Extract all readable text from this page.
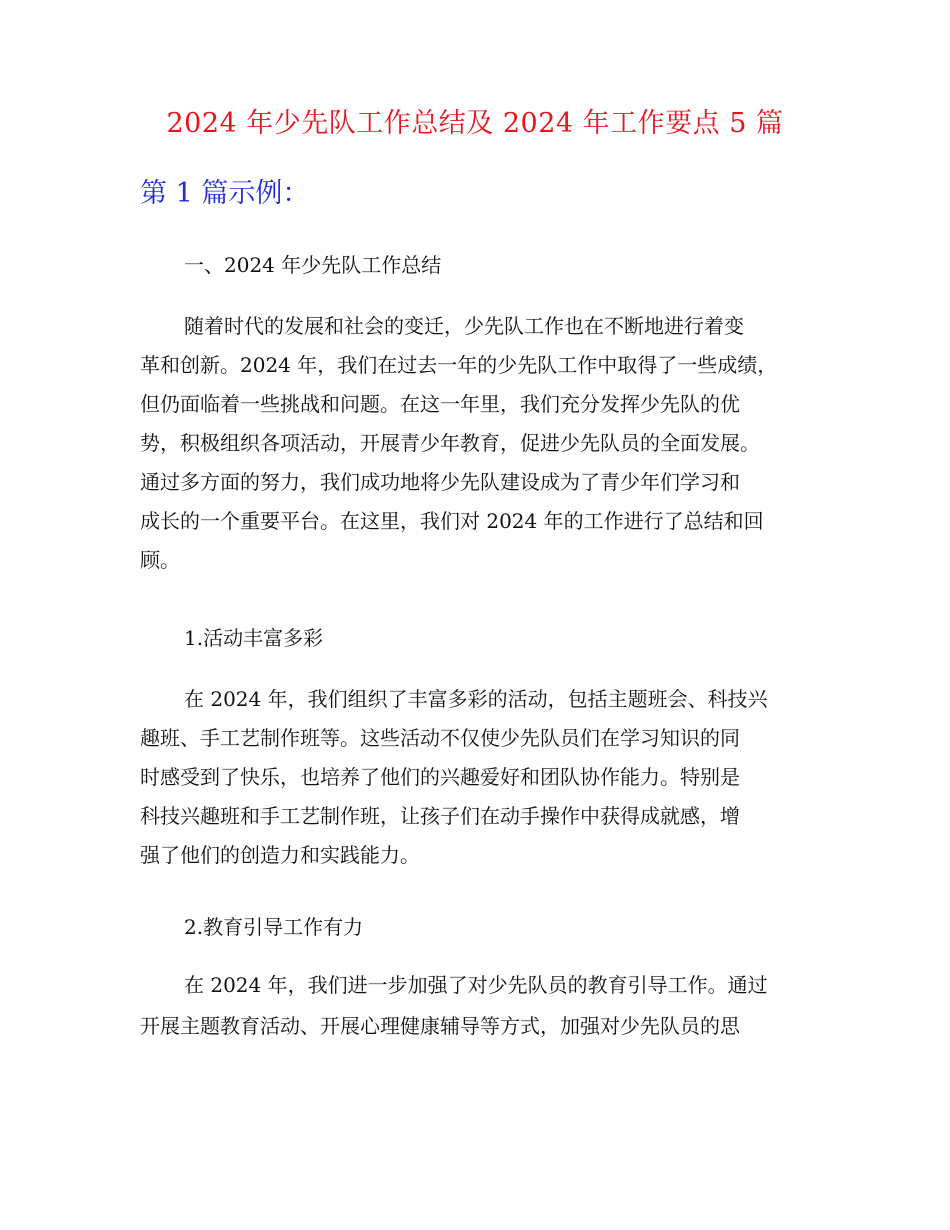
2024 年少先队工作总结及 2024 年工作要点 5 篇
第 1 篇示例：
一、2024 年少先队工作总结
随着时代的发展和社会的变迁，少先队工作也在不断地进行着变
革和创新。2024 年，我们在过去一年的少先队工作中取得了一些成绩，
但仍面临着一些挑战和问题。在这一年里，我们充分发挥少先队的优
势，积极组织各项活动，开展青少年教育，促进少先队员的全面发展。
通过多方面的努力，我们成功地将少先队建设成为了青少年们学习和
成长的一个重要平台。在这里，我们对 2024 年的工作进行了总结和回
顾。
1.活动丰富多彩
在 2024 年，我们组织了丰富多彩的活动，包括主题班会、科技兴
趣班、手工艺制作班等。这些活动不仅使少先队员们在学习知识的同
时感受到了快乐，也培养了他们的兴趣爱好和团队协作能力。特别是
科技兴趣班和手工艺制作班，让孩子们在动手操作中获得成就感，增
强了他们的创造力和实践能力。
2.教育引导工作有力
在 2024 年，我们进一步加强了对少先队员的教育引导工作。通过
开展主题教育活动、开展心理健康辅导等方式，加强对少先队员的思
